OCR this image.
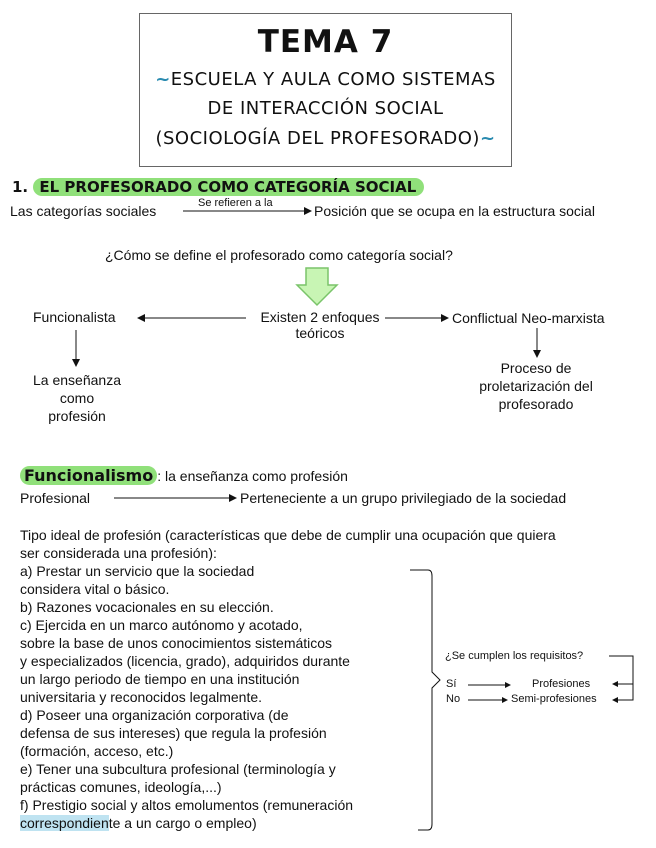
TEMA 7
~ESCUELA Y AULA COMO SISTEMAS
DE INTERACCIÓN SOCIAL
(SOCIOLOGÍA DEL PROFESORADO)~
1. EL PROFESORADO COMO CATEGORÍA SOCIAL
Las categorías sociales	Se refieren a la	Posición que se ocupa en la estructura social
¿Cómo se define el profesorado como categoría social?
Existen 2 enfoques
teóricos
Funcionalista	Conflictual Neo-marxista
La enseñanza
como
profesión
Proceso de
proletarización del
profesorado
Funcionalismo : la enseñanza como profesión
Profesional	Perteneciente a un grupo privilegiado de la sociedad
Tipo ideal de profesión (características que debe de cumplir una ocupación que quiera
ser considerada una profesión):
a) Prestar un servicio que la sociedad
considera vital o básico.
b) Razones vocacionales en su elección.
c) Ejercida en un marco autónomo y acotado,
sobre la base de unos conocimientos sistemáticos
y especializados (licencia, grado), adquiridos durante
un largo periodo de tiempo en una institución
universitaria y reconocidos legalmente.
d) Poseer una organización corporativa (de
defensa de sus intereses) que regula la profesión
(formación, acceso, etc.)
e) Tener una subcultura profesional (terminología y
prácticas comunes, ideología,...)
f) Prestigio social y altos emolumentos (remuneración
correspondiente a un cargo o empleo)
¿Se cumplen los requisitos?
Sí
No
Profesiones
Semi-profesiones
